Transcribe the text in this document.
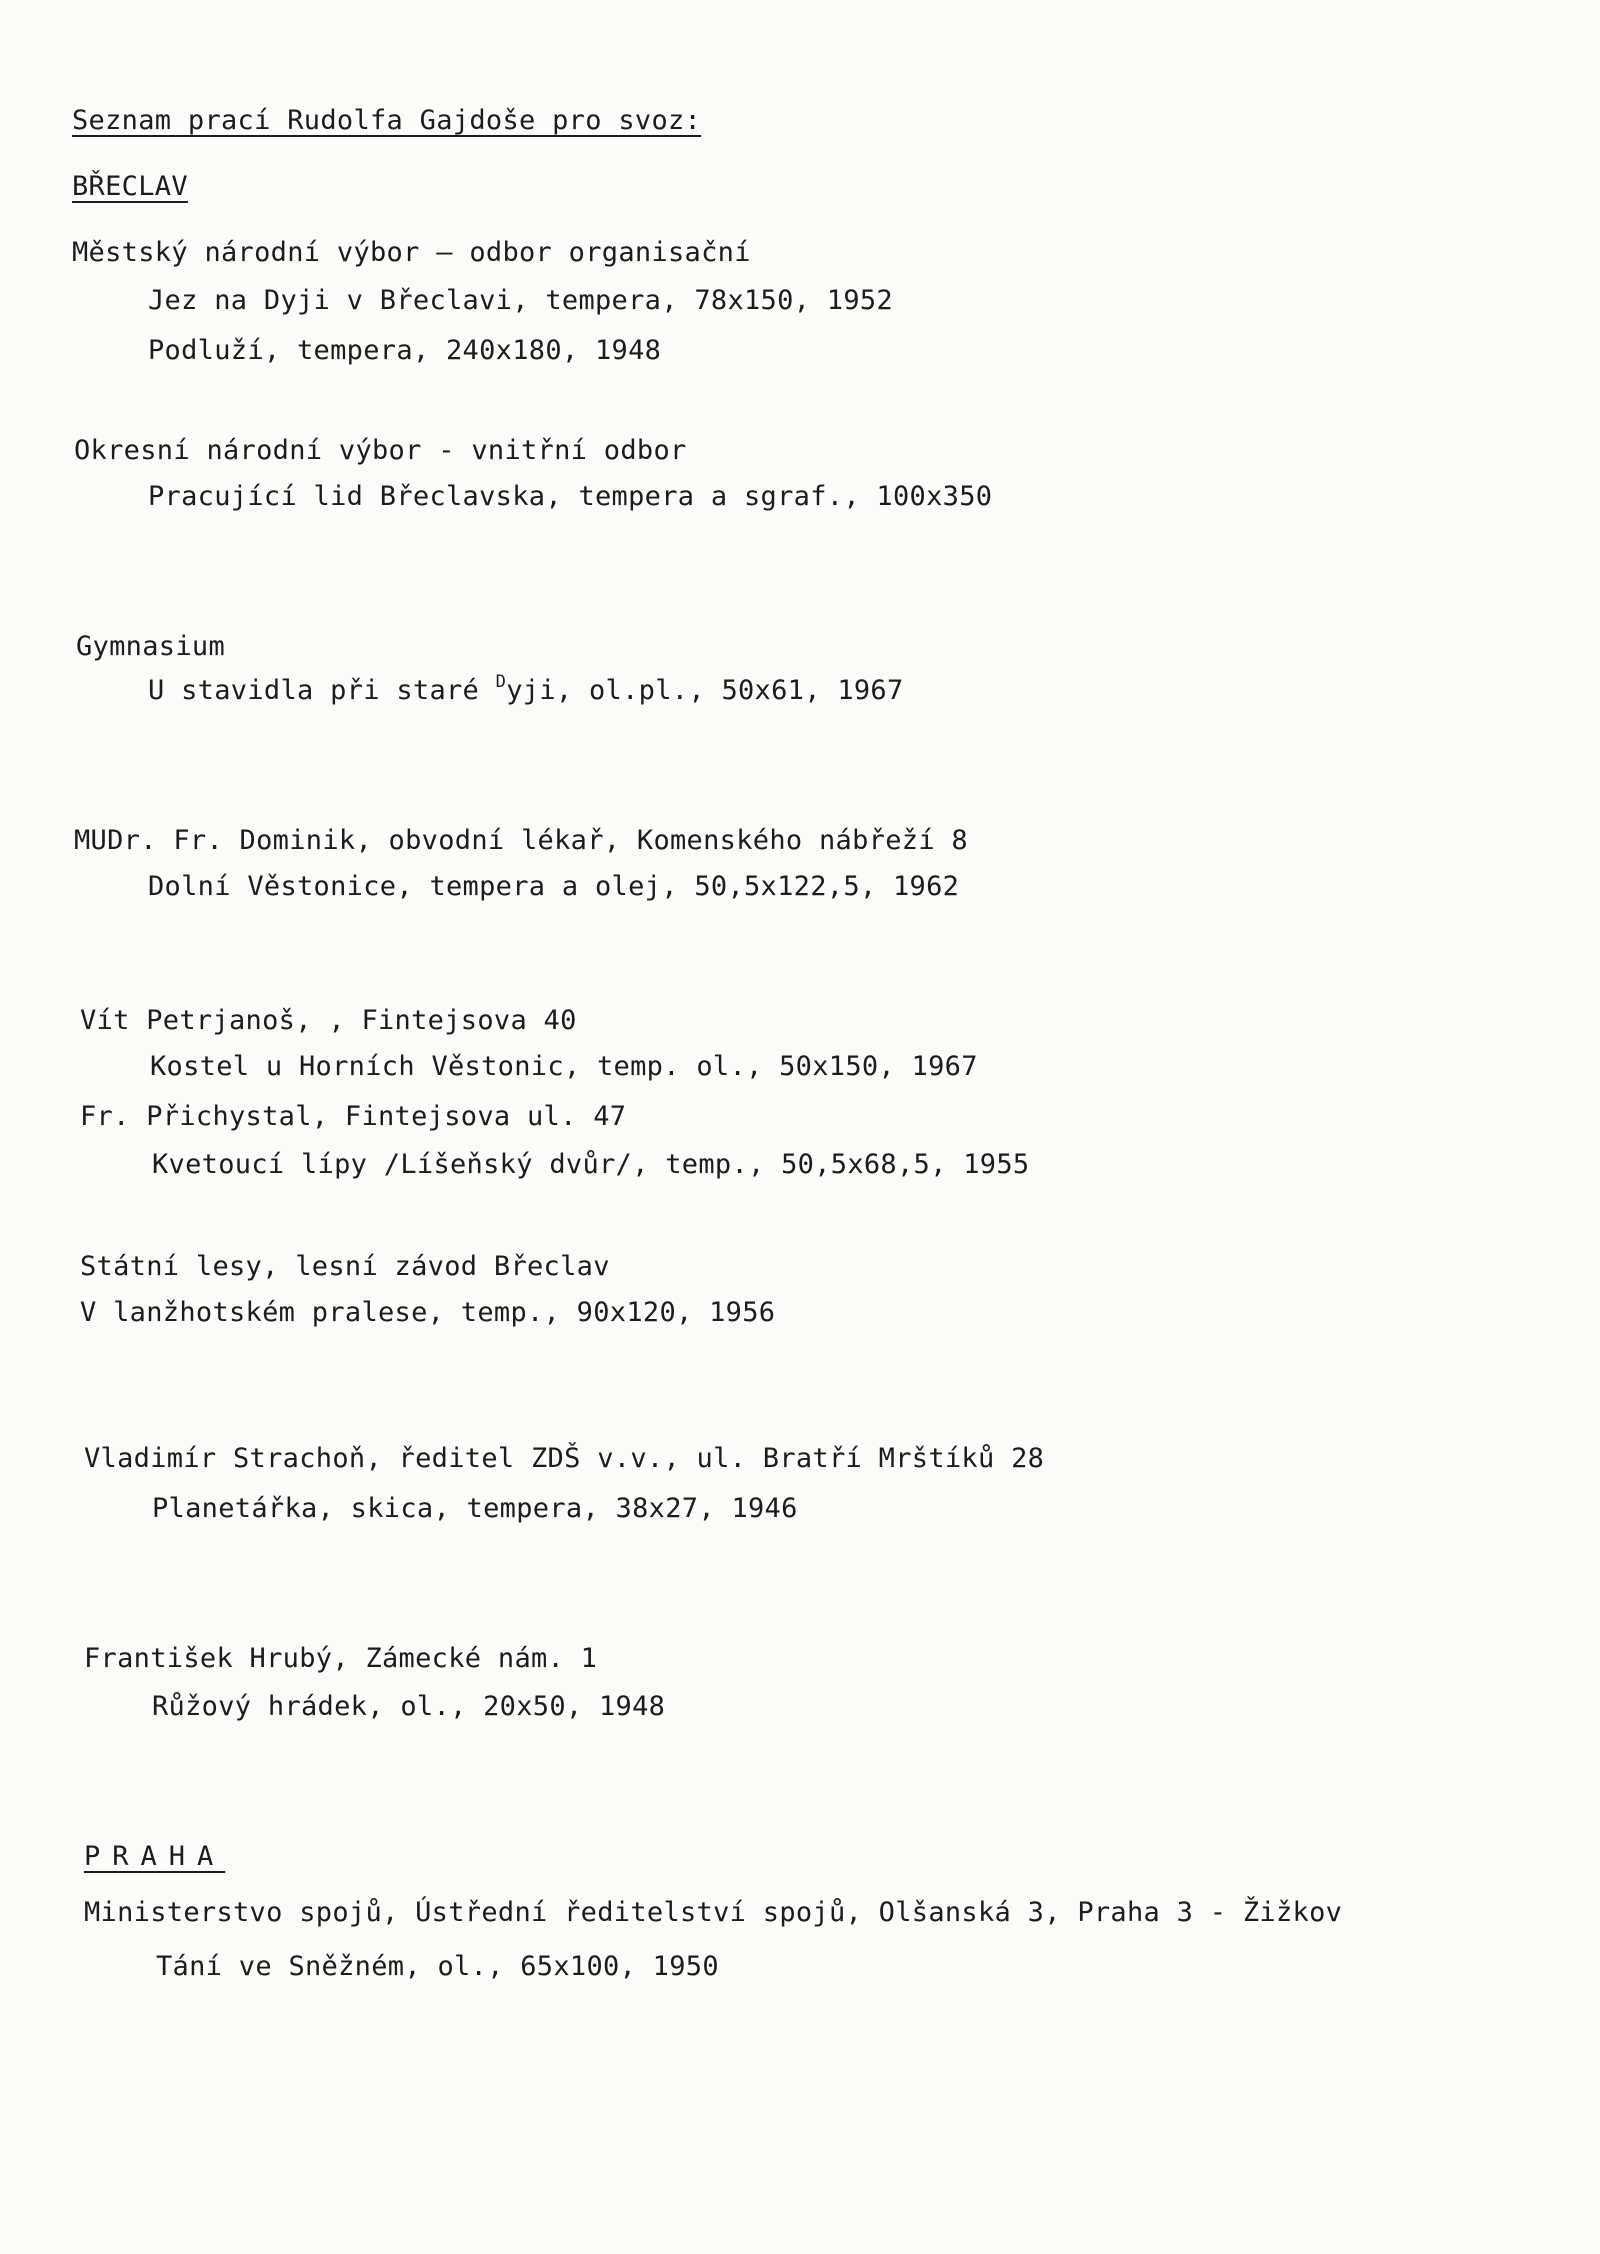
Seznam prací Rudolfa Gajdoše pro svoz:
BŘECLAV
Městský národní výbor – odbor organisační
Jez na Dyji v Břeclavi, tempera, 78x150, 1952
Podluží, tempera, 240x180, 1948
Okresní národní výbor - vnitřní odbor
Pracující lid Břeclavska, tempera a sgraf., 100x350
Gymnasium
U stavidla při staré $^D$yji, ol.pl., 50x61, 1967
MUDr. Fr. Dominik, obvodní lékař, Komenského nábřeží 8
Dolní Věstonice, tempera a olej, 50,5x122,5, 1962
Vít Petrjanoš, , Fintejsova 40
Kostel u Horních Věstonic, temp. ol., 50x150, 1967
Fr. Přichystal, Fintejsova ul. 47
Kvetoucí lípy /Líšeňský dvůr/, temp., 50,5x68,5, 1955
Státní lesy, lesní závod Břeclav
V lanžhotském pralese, temp., 90x120, 1956
Vladimír Strachoň, ředitel ZDŠ v.v., ul. Bratří Mrštíků 28
Planetářka, skica, tempera, 38x27, 1946
František Hrubý, Zámecké nám. 1
Růžový hrádek, ol., 20x50, 1948
PRAHA
Ministerstvo spojů, Ústřední ředitelství spojů, Olšanská 3, Praha 3 - Žižkov
Tání ve Sněžném, ol., 65x100, 1950
